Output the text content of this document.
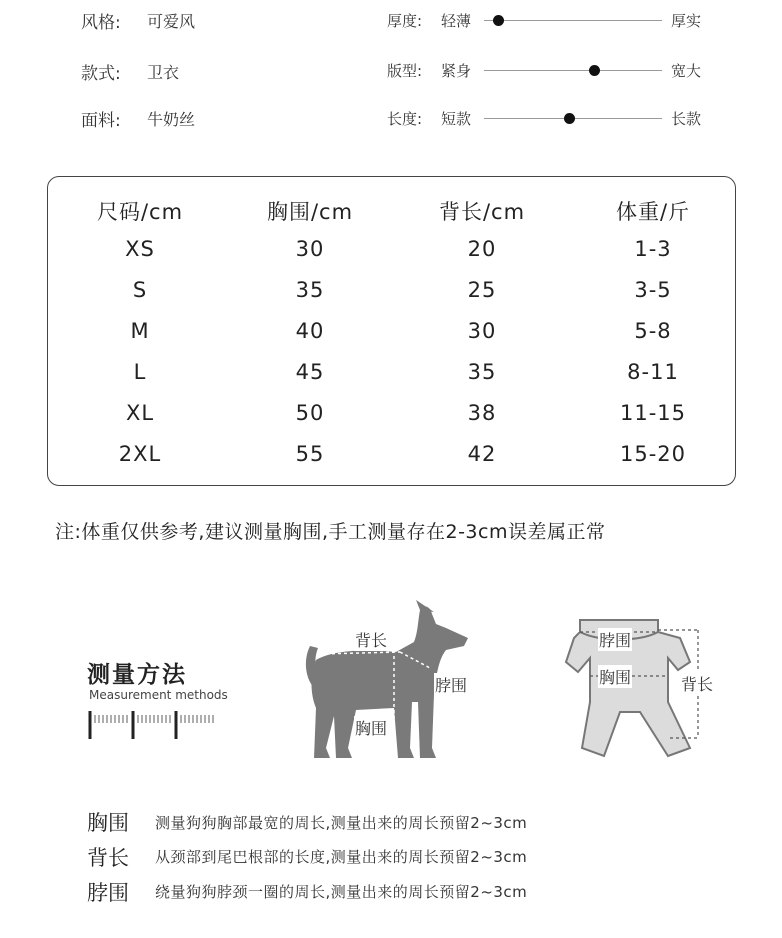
风格: 可爱风
款式: 卫衣
面料: 牛奶丝
厚度: 轻薄	厚实
版型: 紧身	宽大
长度: 短款	长款
尺码/cm	胸围/cm	背长/cm	体重/斤
XS	30	20	1-3
S	35	25	3-5
M	40	30	5-8
L	45	35	8-11
XL	50	38	11-15
2XL	55	42	15-20
注:体重仅供参考,建议测量胸围,手工测量存在2-3cm误差属正常
测量方法
Measurement methods
背长
脖围
胸围
脖围
胸围	背长
胸围 测量狗狗胸部最宽的周长,测量出来的周长预留2~3cm
背长 从颈部到尾巴根部的长度,测量出来的周长预留2~3cm
脖围 绕量狗狗脖颈一圈的周长,测量出来的周长预留2~3cm
